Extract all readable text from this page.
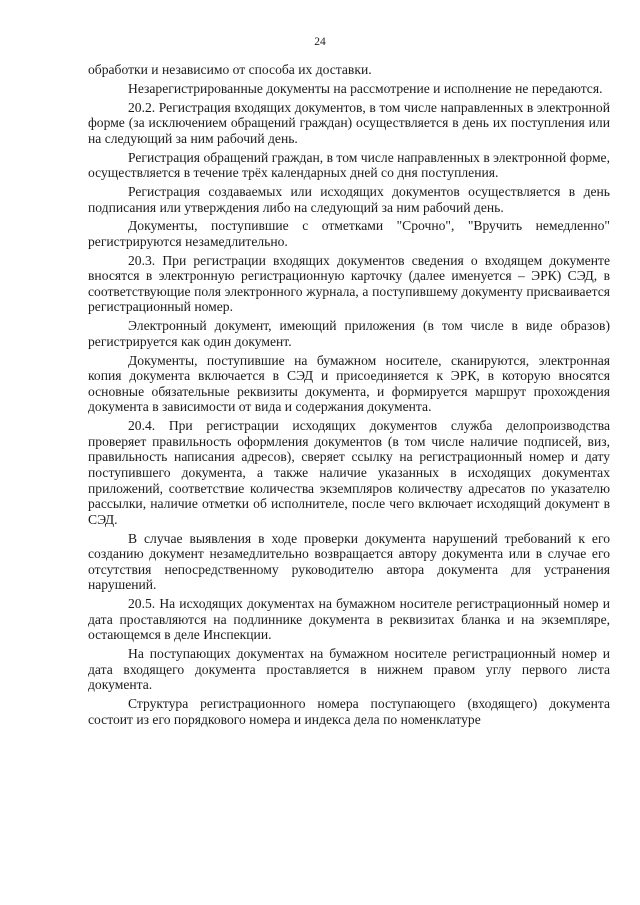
24

обработки и независимо от способа их доставки.

Незарегистрированные документы на рассмотрение и исполнение не передаются.

20.2. Регистрация входящих документов, в том числе направленных в электронной форме (за исключением обращений граждан) осуществляется в день их поступления или на следующий за ним рабочий день.

Регистрация обращений граждан, в том числе направленных в электронной форме, осуществляется в течение трёх календарных дней со дня поступления.

Регистрация создаваемых или исходящих документов осуществляется в день подписания или утверждения либо на следующий за ним рабочий день.

Документы, поступившие с отметками "Срочно", "Вручить немедленно" регистрируются незамедлительно.

20.3. При регистрации входящих документов сведения о входящем документе вносятся в электронную регистрационную карточку (далее именуется – ЭРК) СЭД, в соответствующие поля электронного журнала, а поступившему документу присваивается регистрационный номер.

Электронный документ, имеющий приложения (в том числе в виде образов) регистрируется как один документ.

Документы, поступившие на бумажном носителе, сканируются, электронная копия документа включается в СЭД и присоединяется к ЭРК, в которую вносятся основные обязательные реквизиты документа, и формируется маршрут прохождения документа в зависимости от вида и содержания документа.

20.4. При регистрации исходящих документов служба делопроизводства проверяет правильность оформления документов (в том числе наличие подписей, виз, правильность написания адресов), сверяет ссылку на регистрационный номер и дату поступившего документа, а также наличие указанных в исходящих документах приложений, соответствие количества экземпляров количеству адресатов по указателю рассылки, наличие отметки об исполнителе, после чего включает исходящий документ в СЭД.

В случае выявления в ходе проверки документа нарушений требований к его созданию документ незамедлительно возвращается автору документа или в случае его отсутствия непосредственному руководителю автора документа для устранения нарушений.

20.5. На исходящих документах на бумажном носителе регистрационный номер и дата проставляются на подлиннике документа в реквизитах бланка и на экземпляре, остающемся в деле Инспекции.

На поступающих документах на бумажном носителе регистрационный номер и дата входящего документа проставляется в нижнем правом углу первого листа документа.

Структура регистрационного номера поступающего (входящего) документа состоит из его порядкового номера и индекса дела по номенклатуре
